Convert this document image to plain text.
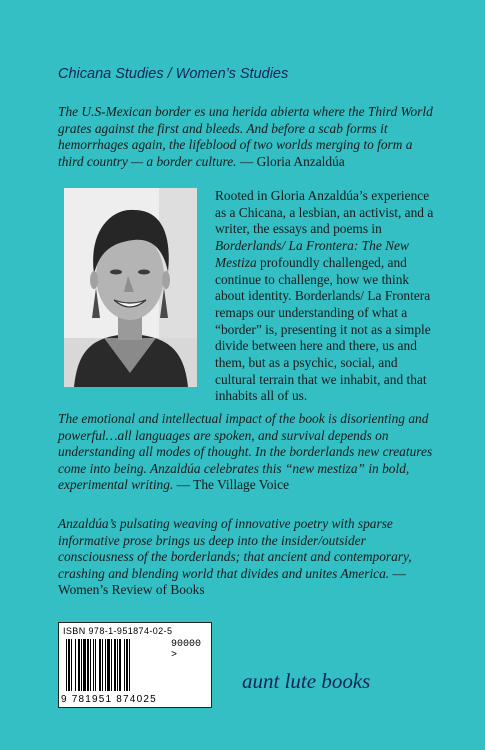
Chicana Studies / Women’s Studies
The U.S-Mexican border es una herida abierta where the Third World grates against the first and bleeds. And before a scab forms it hemorrhages again, the lifeblood of two worlds merging to form a third country — a border culture. — Gloria Anzaldúa
Rooted in Gloria Anzaldúa’s experience as a Chicana, a lesbian, an activist, and a writer, the essays and poems in Borderlands/ La Frontera: The New Mestiza profoundly challenged, and continue to challenge, how we think about identity. Borderlands/ La Frontera remaps our understanding of what a “border” is, presenting it not as a simple divide between here and there, us and them, but as a psychic, social, and cultural terrain that we inhabit, and that inhabits all of us.
The emotional and intellectual impact of the book is disorienting and powerful…all languages are spoken, and survival depends on understanding all modes of thought. In the borderlands new creatures come into being. Anzaldúa celebrates this “new mestiza” in bold, experimental writing. — The Village Voice
Anzaldúa’s pulsating weaving of innovative poetry with sparse informative prose brings us deep into the insider/outsider consciousness of the borderlands; that ancient and contemporary, crashing and blending world that divides and unites America. — Women’s Review of Books
ISBN 978-1-951874-02-5
90000 >
9 781951 874025
aunt lute books
